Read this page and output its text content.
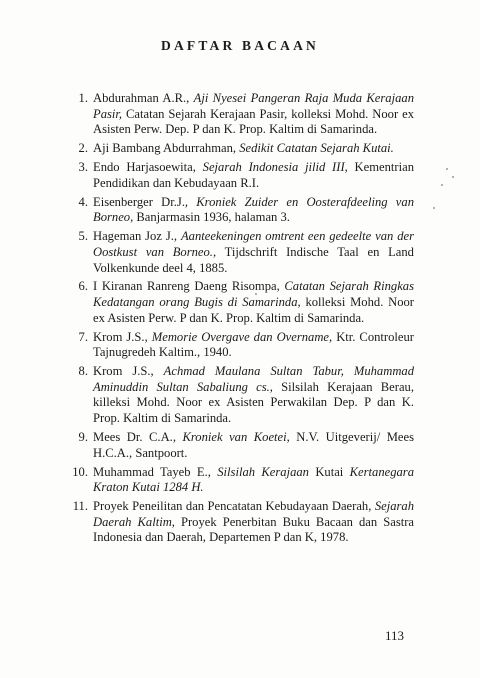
DAFTAR BACAAN
1. Abdurahman A.R., Aji Nyesei Pangeran Raja Muda Kerajaan Pasir, Catatan Sejarah Kerajaan Pasir, kolleksi Mohd. Noor ex Asisten Perw. Dep. P dan K. Prop. Kaltim di Samarinda.
2. Aji Bambang Abdurrahman, Sedikit Catatan Sejarah Kutai.
3. Endo Harjasoewita, Sejarah Indonesia jilid III, Kementrian Pendidikan dan Kebudayaan R.I.
4. Eisenberger Dr.J., Kroniek Zuider en Oosterafdeeling van Borneo, Banjarmasin 1936, halaman 3.
5. Hageman Joz J., Aanteekeningen omtrent een gedeelte van der Oostkust van Borneo., Tijdschrift Indische Taal en Land Volkenkunde deel 4, 1885.
6. I Kiranan Ranreng Daeng Risompa, Catatan Sejarah Ringkas Kedatangan orang Bugis di Samarinda, kolleksi Mohd. Noor ex Asisten Perw. P dan K. Prop. Kaltim di Samarinda.
7. Krom J.S., Memorie Overgave dan Overname, Ktr. Controleur Tajnugredeh Kaltim., 1940.
8. Krom J.S., Achmad Maulana Sultan Tabur, Muhammad Aminuddin Sultan Sabaliung cs., Silsilah Kerajaan Berau, killeksi Mohd. Noor ex Asisten Perwakilan Dep. P dan K. Prop. Kaltim di Samarinda.
9. Mees Dr. C.A., Kroniek van Koetei, N.V. Uitgeverij/ Mees H.C.A., Santpoort.
10. Muhammad Tayeb E., Silsilah Kerajaan Kutai Kertanegara Kraton Kutai 1284 H.
11. Proyek Peneilitan dan Pencatatan Kebudayaan Daerah, Sejarah Daerah Kaltim, Proyek Penerbitan Buku Bacaan dan Sastra Indonesia dan Daerah, Departemen P dan K, 1978.
113
